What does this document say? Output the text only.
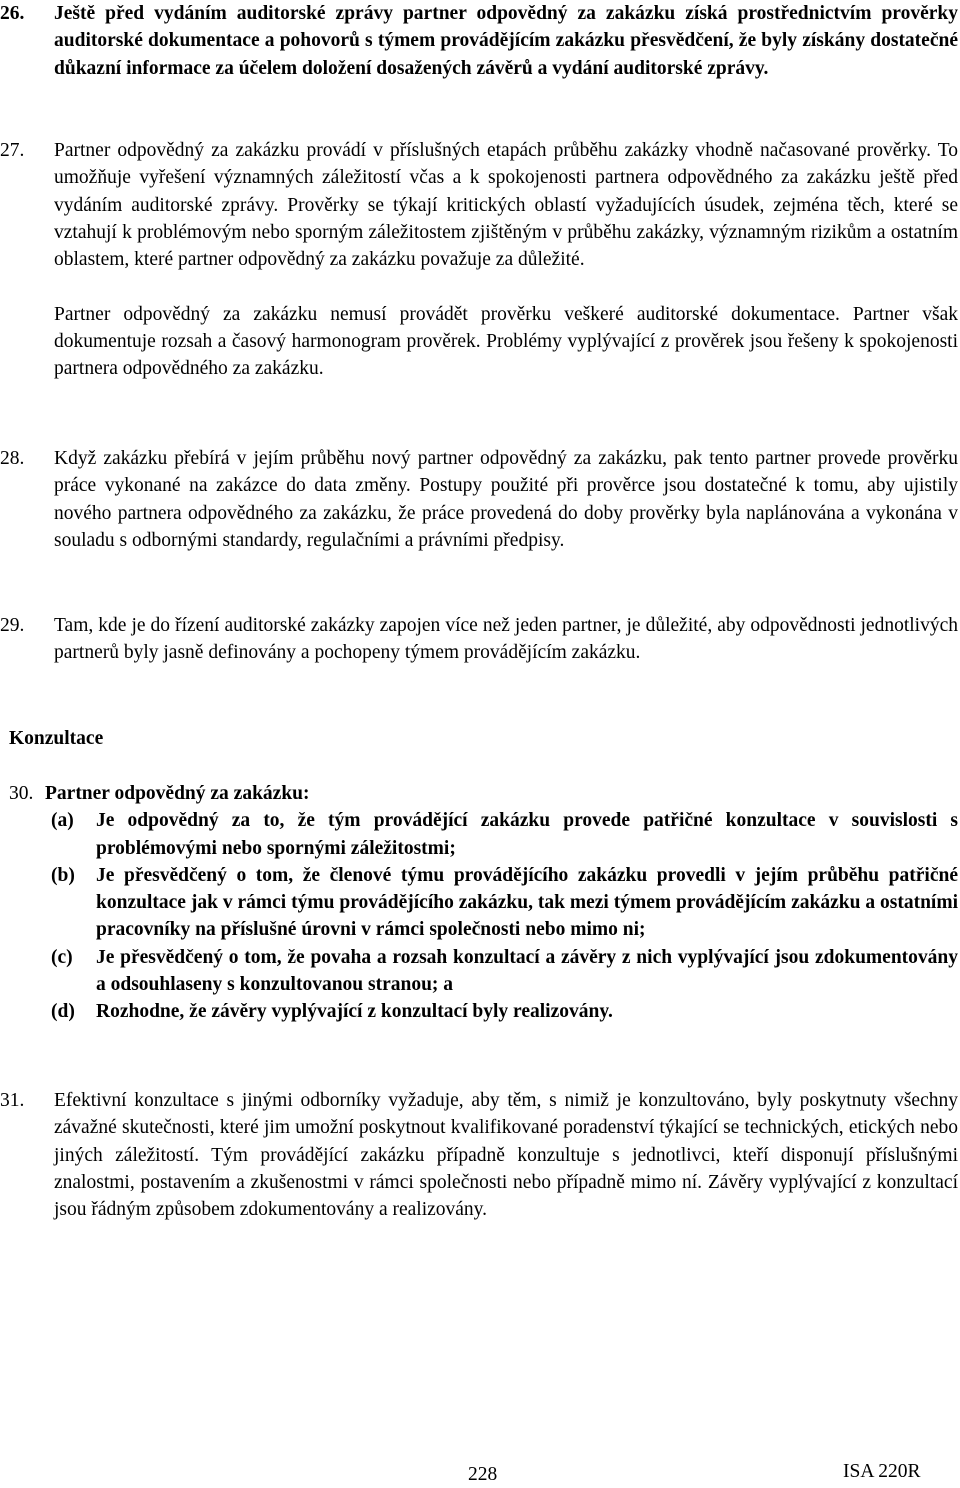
26. Ještě před vydáním auditorské zprávy partner odpovědný za zakázku získá prostřednictvím prověrky auditorské dokumentace a pohovorů s týmem provádějícím zakázku přesvědčení, že byly získány dostatečné důkazní informace za účelem doložení dosažených závěrů a vydání auditorské zprávy.
27. Partner odpovědný za zakázku provádí v příslušných etapách průběhu zakázky vhodně načasované prověrky. To umožňuje vyřešení významných záležitostí včas a k spokojenosti partnera odpovědného za zakázku ještě před vydáním auditorské zprávy. Prověrky se týkají kritických oblastí vyžadujících úsudek, zejména těch, které se vztahují k problémovým nebo sporným záležitostem zjištěným v průběhu zakázky, významným rizikům a ostatním oblastem, které partner odpovědný za zakázku považuje za důležité.
Partner odpovědný za zakázku nemusí provádět prověrku veškeré auditorské dokumentace. Partner však dokumentuje rozsah a časový harmonogram prověrek. Problémy vyplývající z prověrek jsou řešeny k spokojenosti partnera odpovědného za zakázku.
28. Když zakázku přebírá v jejím průběhu nový partner odpovědný za zakázku, pak tento partner provede prověrku práce vykonané na zakázce do data změny. Postupy použité při prověrce jsou dostatečné k tomu, aby ujistily nového partnera odpovědného za zakázku, že práce provedená do doby prověrky byla naplánována a vykonána v souladu s odbornými standardy, regulačními a právními předpisy.
29. Tam, kde je do řízení auditorské zakázky zapojen více než jeden partner, je důležité, aby odpovědnosti jednotlivých partnerů byly jasně definovány a pochopeny týmem provádějícím zakázku.
Konzultace
30. Partner odpovědný za zakázku:
(a) Je odpovědný za to, že tým provádějící zakázku provede patřičné konzultace v souvislosti s problémovými nebo spornými záležitostmi;
(b) Je přesvědčený o tom, že členové týmu provádějícího zakázku provedli v jejím průběhu patřičné konzultace jak v rámci týmu provádějícího zakázku, tak mezi týmem provádějícím zakázku a ostatními pracovníky na příslušné úrovni v rámci společnosti nebo mimo ni;
(c) Je přesvědčený o tom, že povaha a rozsah konzultací a závěry z nich vyplývající jsou zdokumentovány a odsouhlaseny s konzultovanou stranou; a
(d) Rozhodne, že závěry vyplývající z konzultací byly realizovány.
31. Efektivní konzultace s jinými odborníky vyžaduje, aby těm, s nimiž je konzultováno, byly poskytnuty všechny závažné skutečnosti, které jim umožní poskytnout kvalifikované poradenství týkající se technických, etických nebo jiných záležitostí. Tým provádějící zakázku případně konzultuje s jednotlivci, kteří disponují příslušnými znalostmi, postavením a zkušenostmi v rámci společnosti nebo případně mimo ní. Závěry vyplývající z konzultací jsou řádným způsobem zdokumentovány a realizovány.
228	ISA 220R
